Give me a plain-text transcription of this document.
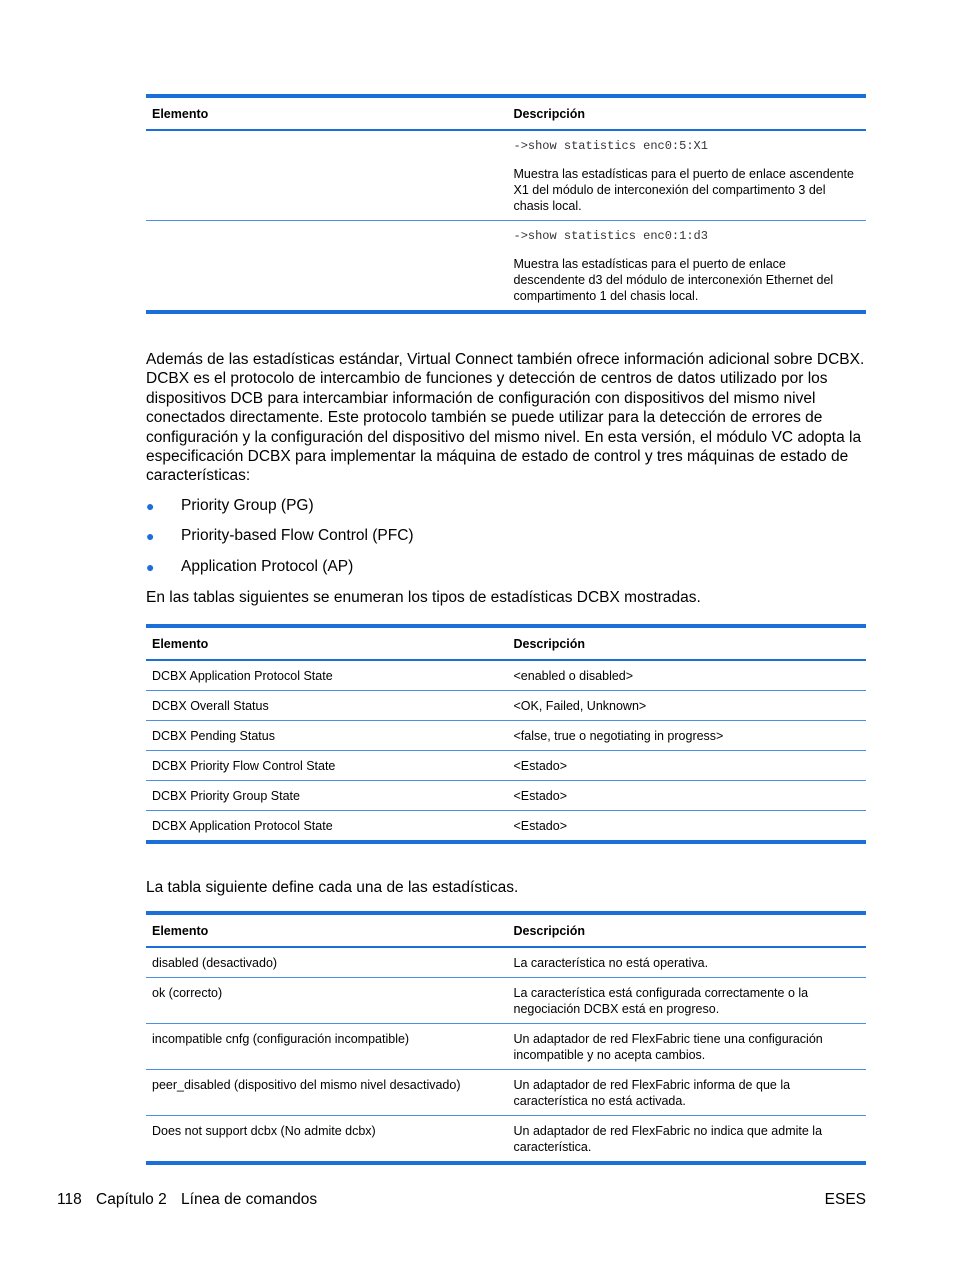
Elemento	Descripción

	->show statistics enc0:5:X1
Muestra las estadísticas para el puerto de enlace ascendente X1 del módulo de interconexión del compartimento 3 del chasis local.

	->show statistics enc0:1:d3
Muestra las estadísticas para el puerto de enlace descendente d3 del módulo de interconexión Ethernet del compartimento 1 del chasis local.

Además de las estadísticas estándar, Virtual Connect también ofrece información adicional sobre DCBX. DCBX es el protocolo de intercambio de funciones y detección de centros de datos utilizado por los dispositivos DCB para intercambiar información de configuración con dispositivos del mismo nivel conectados directamente. Este protocolo también se puede utilizar para la detección de errores de configuración y la configuración del dispositivo del mismo nivel. En esta versión, el módulo VC adopta la especificación DCBX para implementar la máquina de estado de control y tres máquinas de estado de características:

●	Priority Group (PG)
●	Priority-based Flow Control (PFC)
●	Application Protocol (AP)

En las tablas siguientes se enumeran los tipos de estadísticas DCBX mostradas.

Elemento	Descripción
DCBX Application Protocol State	<enabled o disabled>
DCBX Overall Status	<OK, Failed, Unknown>
DCBX Pending Status	<false, true o negotiating in progress>
DCBX Priority Flow Control State	<Estado>
DCBX Priority Group State	<Estado>
DCBX Application Protocol State	<Estado>

La tabla siguiente define cada una de las estadísticas.

Elemento	Descripción
disabled (desactivado)	La característica no está operativa.
ok (correcto)	La característica está configurada correctamente o la negociación DCBX está en progreso.
incompatible cnfg (configuración incompatible)	Un adaptador de red FlexFabric tiene una configuración incompatible y no acepta cambios.
peer_disabled (dispositivo del mismo nivel desactivado)	Un adaptador de red FlexFabric informa de que la característica no está activada.
Does not support dcbx (No admite dcbx)	Un adaptador de red FlexFabric no indica que admite la característica.
118 Capítulo 2 Línea de comandos	ESES
